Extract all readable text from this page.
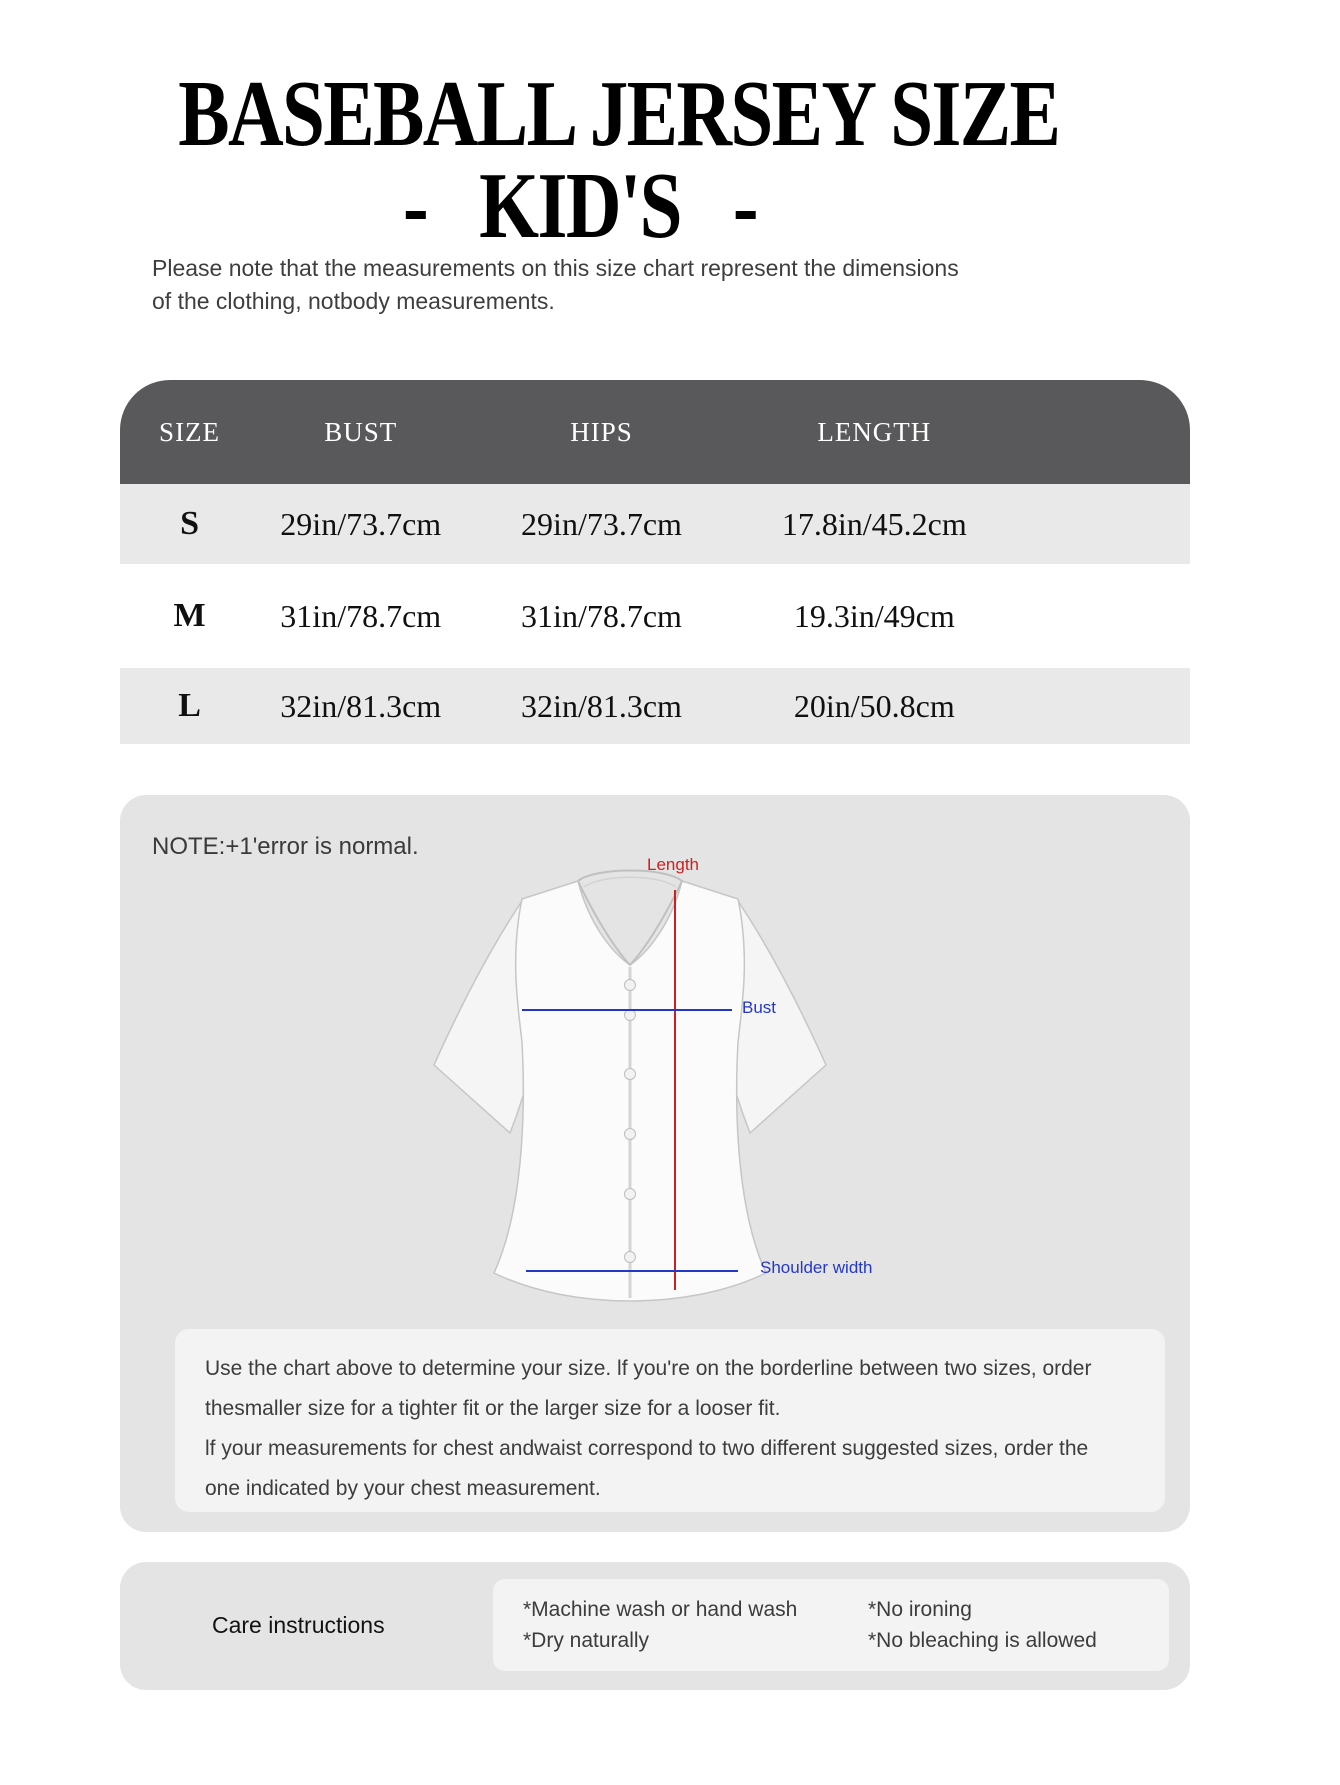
BASEBALL JERSEY SIZE
- KID'S -
Please note that the measurements on this size chart represent the dimensions
of the clothing, notbody measurements.
SIZE	BUST	HIPS	LENGTH
S	29in/73.7cm	29in/73.7cm	17.8in/45.2cm
M	31in/78.7cm	31in/78.7cm	19.3in/49cm
L	32in/81.3cm	32in/81.3cm	20in/50.8cm
NOTE:+1'error is normal.
Length
Bust
Shoulder width
Use the chart above to determine your size. lf you're on the borderline between two sizes, order
thesmaller size for a tighter fit or the larger size for a looser fit.
lf your measurements for chest andwaist correspond to two different suggested sizes, order the
one indicated by your chest measurement.
Care instructions
*Machine wash or hand wash
*Dry naturally
*No ironing
*No bleaching is allowed
